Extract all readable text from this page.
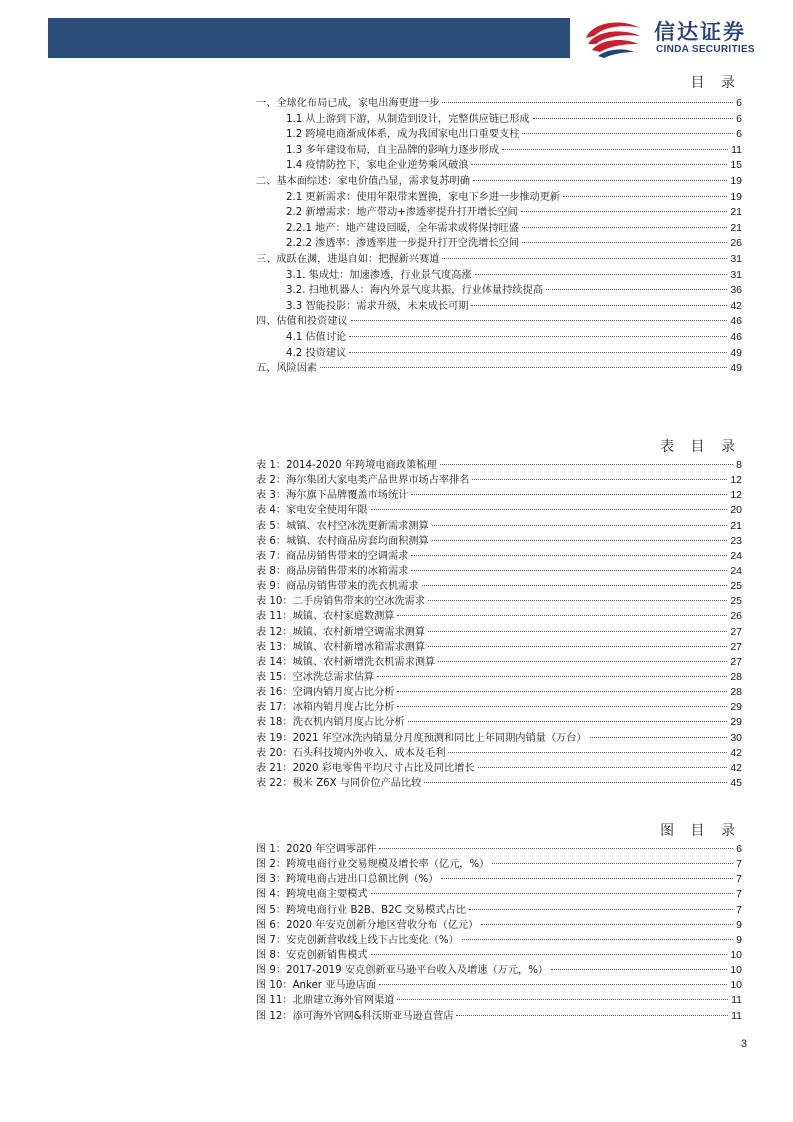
信达证券
CINDA SECURITIES
目 录
一、全球化布局已成，家电出海更进一步	6
1.1 从上游到下游，从制造到设计，完整供应链已形成	6
1.2 跨境电商渐成体系，成为我国家电出口重要支柱	6
1.3 多年建设布局，自主品牌的影响力逐步形成	11
1.4 疫情防控下，家电企业逆势乘风破浪	15
二、基本面综述：家电价值凸显，需求复苏明确	19
2.1 更新需求：使用年限带来置换，家电下乡进一步推动更新	19
2.2 新增需求：地产带动+渗透率提升打开增长空间	21
2.2.1 地产：地产建设回暖，全年需求或将保持旺盛	21
2.2.2 渗透率：渗透率进一步提升打开空洗增长空间	26
三、成跃在渊，进退自如：把握新兴赛道	31
3.1. 集成灶：加速渗透，行业景气度高涨	31
3.2. 扫地机器人：海内外景气度共振，行业体量持续提高	36
3.3 智能投影：需求升级，未来成长可期	42
四、估值和投资建议	46
4.1 估值讨论	46
4.2 投资建议	49
五、风险因素	49
表 目 录
表 1：2014-2020 年跨境电商政策梳理	8
表 2：海尔集团大家电类产品世界市场占率排名	12
表 3：海尔旗下品牌覆盖市场统计	12
表 4：家电安全使用年限	20
表 5：城镇、农村空冰洗更新需求测算	21
表 6：城镇、农村商品房套均面积测算	23
表 7：商品房销售带来的空调需求	24
表 8：商品房销售带来的冰箱需求	24
表 9：商品房销售带来的洗衣机需求	25
表 10：二手房销售带来的空冰洗需求	25
表 11：城镇、农村家庭数测算	26
表 12：城镇、农村新增空调需求测算	27
表 13：城镇、农村新增冰箱需求测算	27
表 14：城镇、农村新增洗衣机需求测算	27
表 15：空冰洗总需求估算	28
表 16：空调内销月度占比分析	28
表 17：冰箱内销月度占比分析	29
表 18：洗衣机内销月度占比分析	29
表 19：2021 年空冰洗内销量分月度预测和同比上年同期内销量（万台）	30
表 20：石头科技境内外收入、成本及毛利	42
表 21：2020 彩电零售平均尺寸占比及同比增长	42
表 22：极米 Z6X 与同价位产品比较	45
图 目 录
图 1：2020 年空调零部件	6
图 2：跨境电商行业交易规模及增长率（亿元，%）	7
图 3：跨境电商占进出口总额比例（%）	7
图 4：跨境电商主要模式	7
图 5：跨境电商行业 B2B、B2C 交易模式占比	7
图 6：2020 年安克创新分地区营收分布（亿元）	9
图 7：安克创新营收线上线下占比变化（%）	9
图 8：安克创新销售模式	10
图 9：2017-2019 安克创新亚马逊平台收入及增速（万元，%）	10
图 10：Anker 亚马逊店面	10
图 11：北鼎建立海外官网渠道	11
图 12：添可海外官网&科沃斯亚马逊直营店	11
3
